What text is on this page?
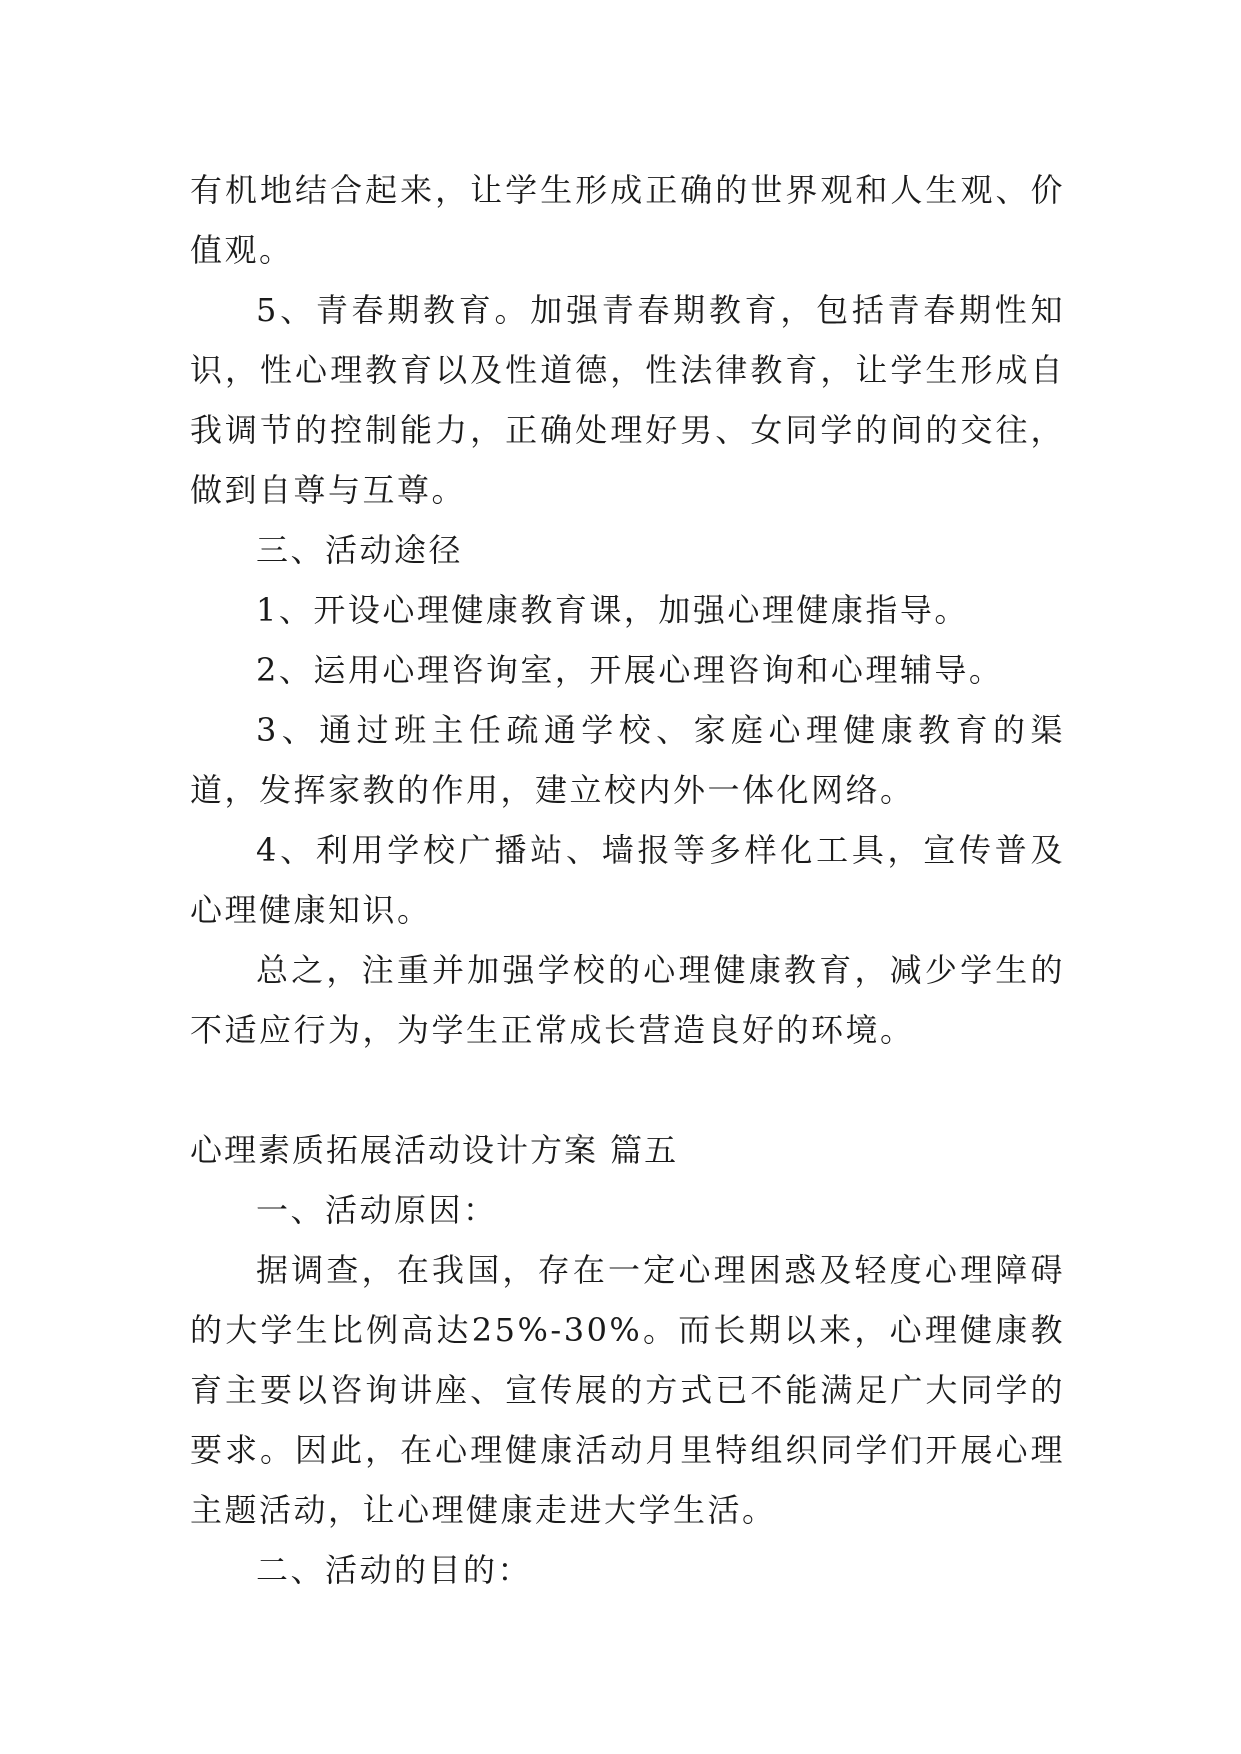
有机地结合起来，让学生形成正确的世界观和人生观、价值观。

5、青春期教育。加强青春期教育，包括青春期性知识，性心理教育以及性道德，性法律教育，让学生形成自我调节的控制能力，正确处理好男、女同学的间的交往，做到自尊与互尊。

三、活动途径

1、开设心理健康教育课，加强心理健康指导。

2、运用心理咨询室，开展心理咨询和心理辅导。

3、通过班主任疏通学校、家庭心理健康教育的渠道，发挥家教的作用，建立校内外一体化网络。

4、利用学校广播站、墙报等多样化工具，宣传普及心理健康知识。

总之，注重并加强学校的心理健康教育，减少学生的不适应行为，为学生正常成长营造良好的环境。

心理素质拓展活动设计方案 篇五

一、活动原因：

据调查，在我国，存在一定心理困惑及轻度心理障碍的大学生比例高达25%-30%。而长期以来，心理健康教育主要以咨询讲座、宣传展的方式已不能满足广大同学的要求。因此，在心理健康活动月里特组织同学们开展心理主题活动，让心理健康走进大学生活。

二、活动的目的：
